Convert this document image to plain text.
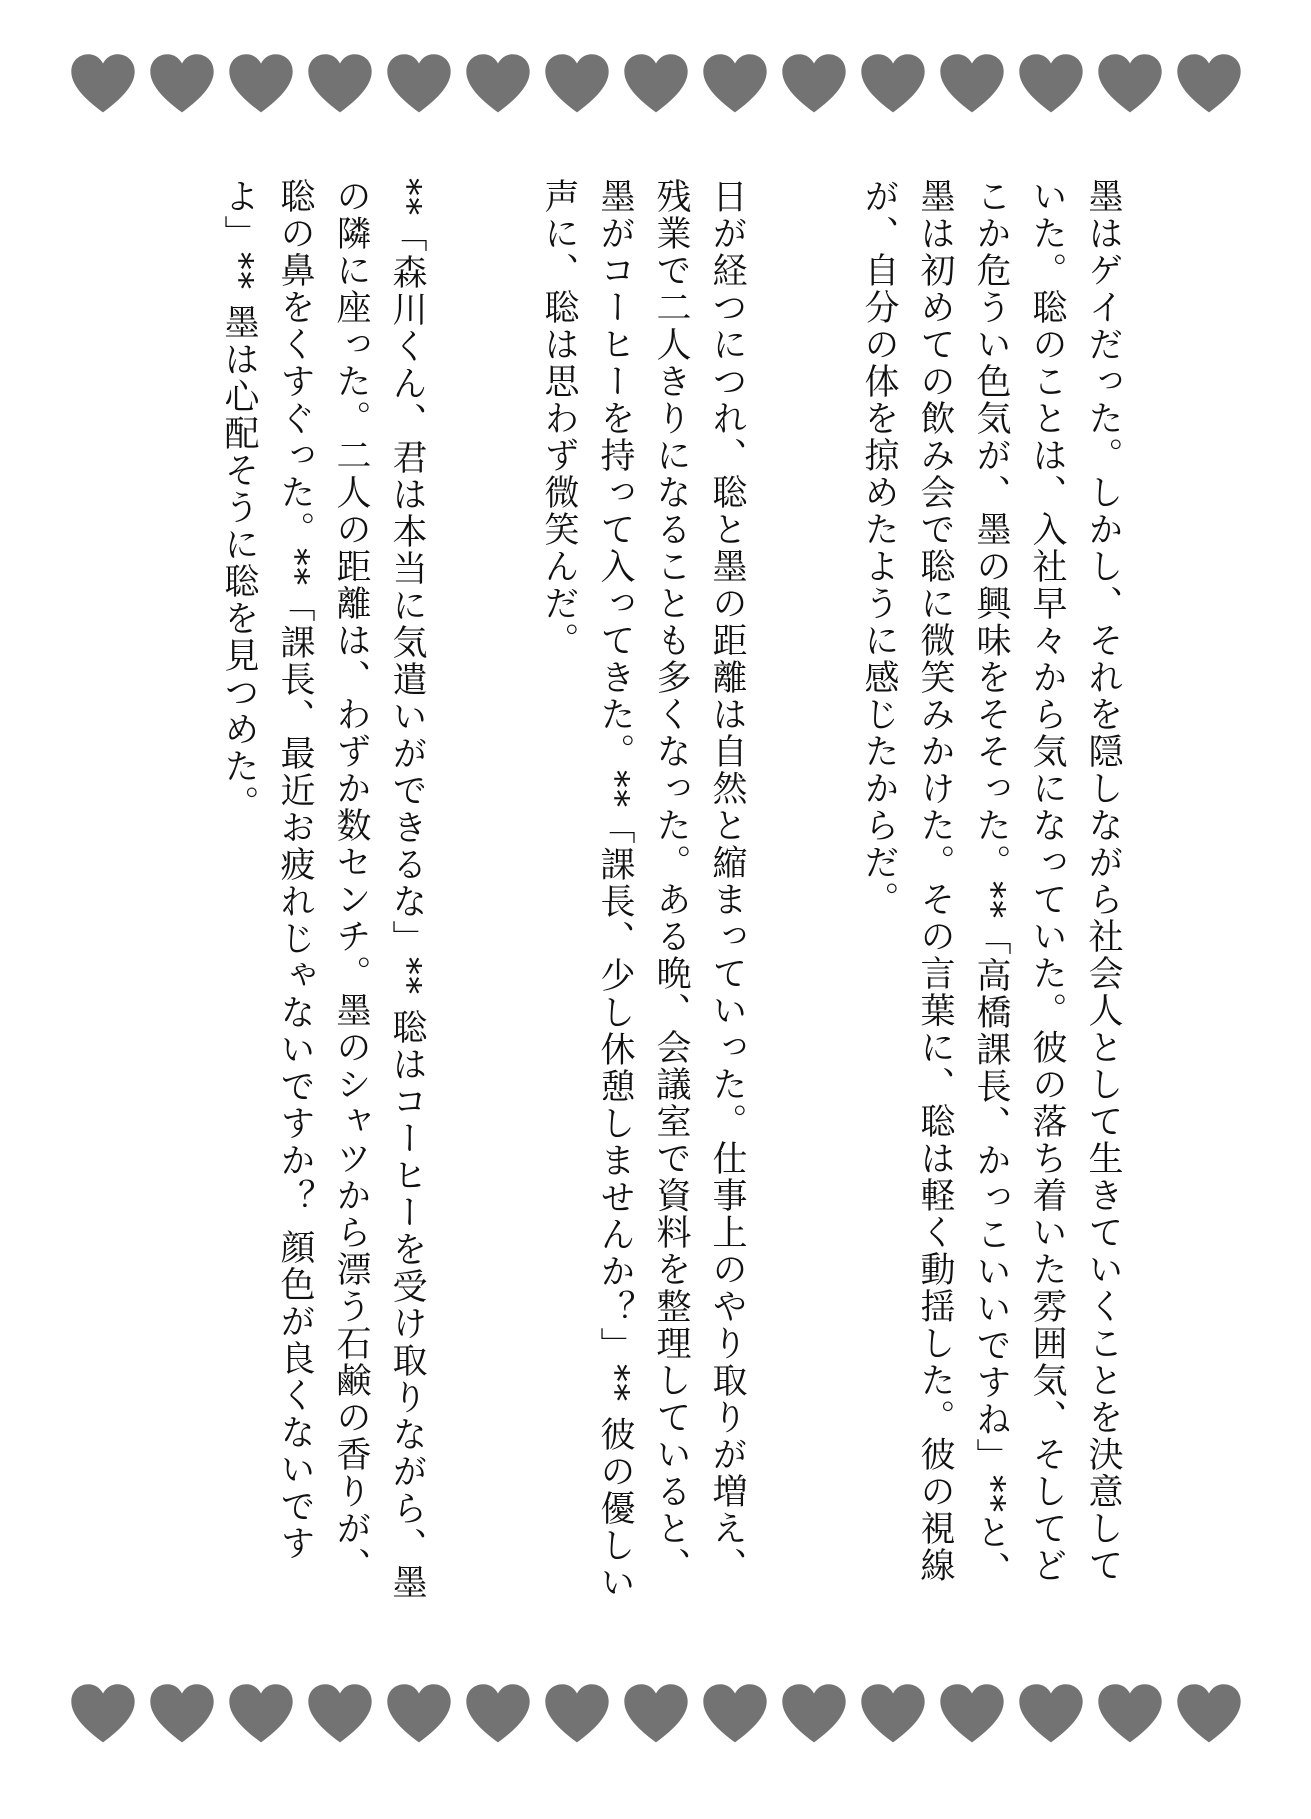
墨はゲイだった。しかし、それを隠しながら社会人として生きていくことを決意していた。聡のことは、入社早々から気になっていた。彼の落ち着いた雰囲気、そしてどこか危うい色気が、墨の興味をそそった。**「高橋課長、かっこいいですね」**と、墨は初めての飲み会で聡に微笑みかけた。その言葉に、聡は軽く動揺した。彼の視線が、自分の体を掠めたように感じたからだ。
日が経つにつれ、聡と墨の距離は自然と縮まっていった。仕事上のやり取りが増え、残業で二人きりになることも多くなった。ある晩、会議室で資料を整理していると、墨がコーヒーを持って入ってきた。**「課長、少し休憩しませんか？」** 彼の優しい声に、聡は思わず微笑んだ。
**「森川くん、君は本当に気遣いができるな」** 聡はコーヒーを受け取りながら、墨の隣に座った。二人の距離は、わずか数センチ。墨のシャツから漂う石鹸の香りが、聡の鼻をくすぐった。**「課長、最近お疲れじゃないですか？ 顔色が良くないですよ」** 墨は心配そうに聡を見つめた。
